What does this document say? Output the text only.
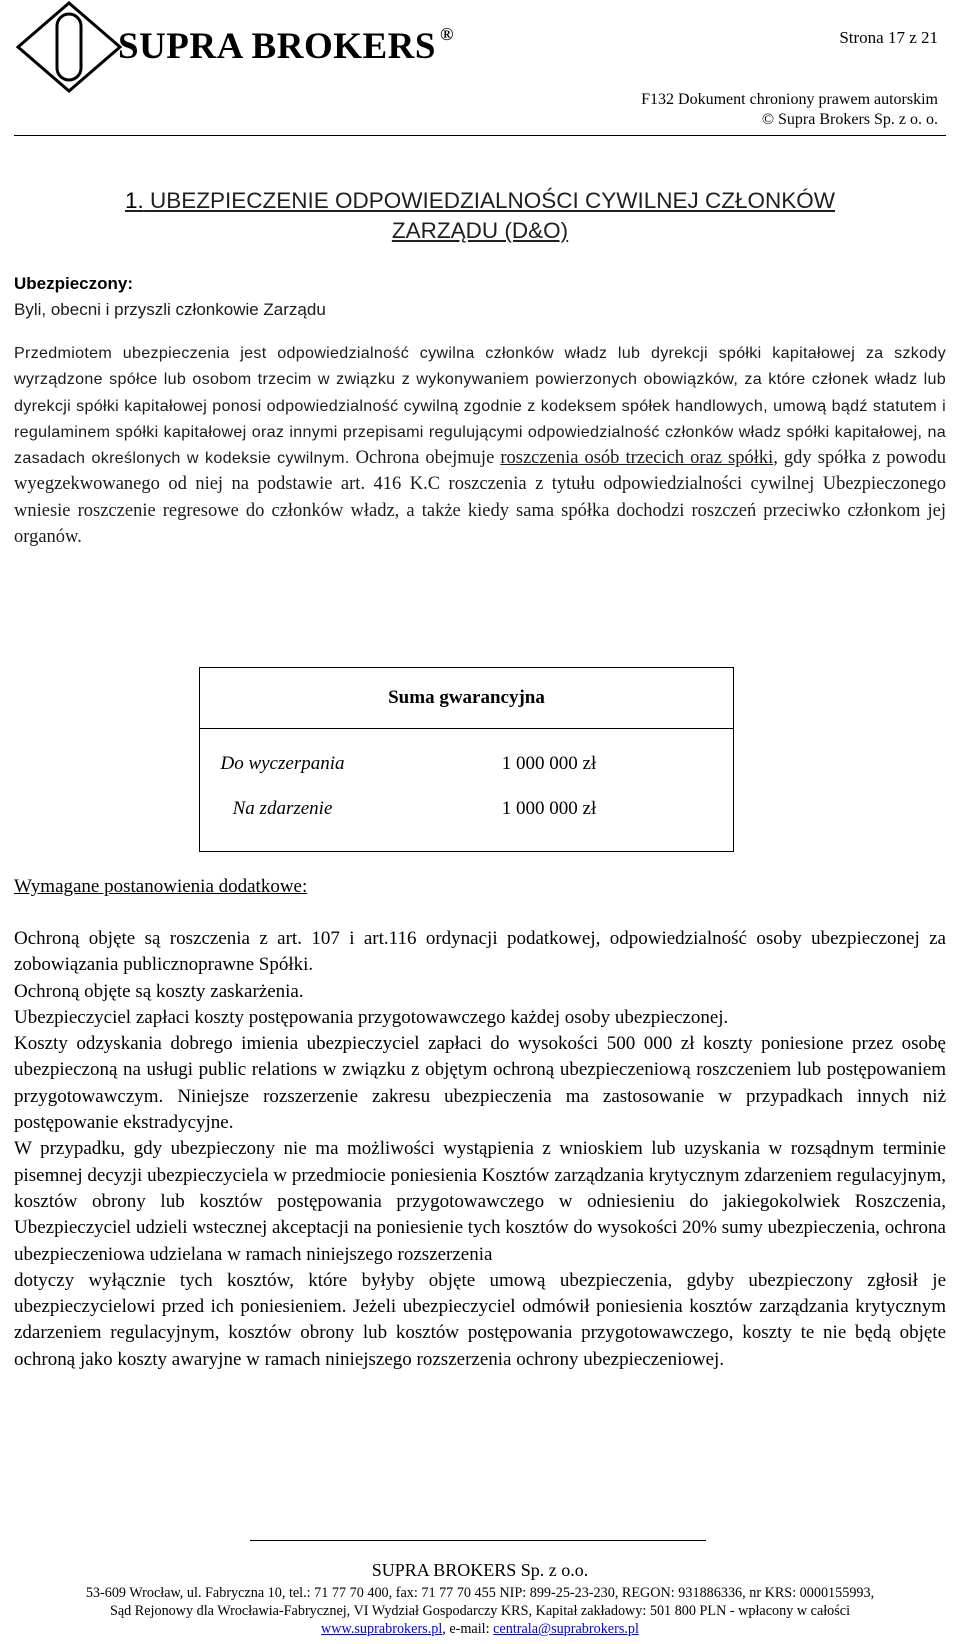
SUPRA BROKERS ®	Strona 17 z 21
F132 Dokument chroniony prawem autorskim
© Supra Brokers Sp. z o. o.
1. UBEZPIECZENIE ODPOWIEDZIALNOŚCI CYWILNEJ CZŁONKÓW
ZARZĄDU (D&O)
Ubezpieczony:
Byli, obecni i przyszli członkowie Zarządu
Przedmiotem ubezpieczenia jest odpowiedzialność cywilna członków władz lub dyrekcji spółki kapitałowej za szkody wyrządzone spółce lub osobom trzecim w związku z wykonywaniem powierzonych obowiązków, za które członek władz lub dyrekcji spółki kapitałowej ponosi odpowiedzialność cywilną zgodnie z kodeksem spółek handlowych, umową bądź statutem i regulaminem spółki kapitałowej oraz innymi przepisami regulującymi odpowiedzialność członków władz spółki kapitałowej, na zasadach określonych w kodeksie cywilnym. Ochrona obejmuje roszczenia osób trzecich oraz spółki, gdy spółka z powodu wyegzekwowanego od niej na podstawie art. 416 K.C roszczenia z tytułu odpowiedzialności cywilnej Ubezpieczonego wniesie roszczenie regresowe do członków władz, a także kiedy sama spółka dochodzi roszczeń przeciwko członkom jej organów.
Suma gwarancyjna	
Do wyczerpania	1 000 000 zł
Na zdarzenie	1 000 000 zł
Wymagane postanowienia dodatkowe:

Ochroną objęte są roszczenia z art. 107 i art.116 ordynacji podatkowej, odpowiedzialność osoby ubezpieczonej za zobowiązania publicznoprawne Spółki.

Ochroną objęte są koszty zaskarżenia.

Ubezpieczyciel zapłaci koszty postępowania przygotowawczego każdej osoby ubezpieczonej.

Koszty odzyskania dobrego imienia ubezpieczyciel zapłaci do wysokości 500 000 zł koszty poniesione przez osobę ubezpieczoną na usługi public relations w związku z objętym ochroną ubezpieczeniową roszczeniem lub postępowaniem przygotowawczym. Niniejsze rozszerzenie zakresu ubezpieczenia ma zastosowanie w przypadkach innych niż postępowanie ekstradycyjne.

W przypadku, gdy ubezpieczony nie ma możliwości wystąpienia z wnioskiem lub uzyskania w rozsądnym terminie pisemnej decyzji ubezpieczyciela w przedmiocie poniesienia Kosztów zarządzania krytycznym zdarzeniem regulacyjnym, kosztów obrony lub kosztów postępowania przygotowawczego w odniesieniu do jakiegokolwiek Roszczenia, Ubezpieczyciel udzieli wstecznej akceptacji na poniesienie tych kosztów do wysokości 20% sumy ubezpieczenia, ochrona ubezpieczeniowa udzielana w ramach niniejszego rozszerzenia

dotyczy wyłącznie tych kosztów, które byłyby objęte umową ubezpieczenia, gdyby ubezpieczony zgłosił je ubezpieczycielowi przed ich poniesieniem. Jeżeli ubezpieczyciel odmówił poniesienia kosztów zarządzania krytycznym zdarzeniem regulacyjnym, kosztów obrony lub kosztów postępowania przygotowawczego, koszty te nie będą objęte ochroną jako koszty awaryjne w ramach niniejszego rozszerzenia ochrony ubezpieczeniowej.

SUPRA BROKERS Sp. z o.o.
53-609 Wrocław, ul. Fabryczna 10, tel.: 71 77 70 400, fax: 71 77 70 455 NIP: 899-25-23-230, REGON: 931886336, nr KRS: 0000155993,
Sąd Rejonowy dla Wrocławia-Fabrycznej, VI Wydział Gospodarczy KRS, Kapitał zakładowy: 501 800 PLN - wpłacony w całości
www.suprabrokers.pl, e-mail: centrala@suprabrokers.pl
